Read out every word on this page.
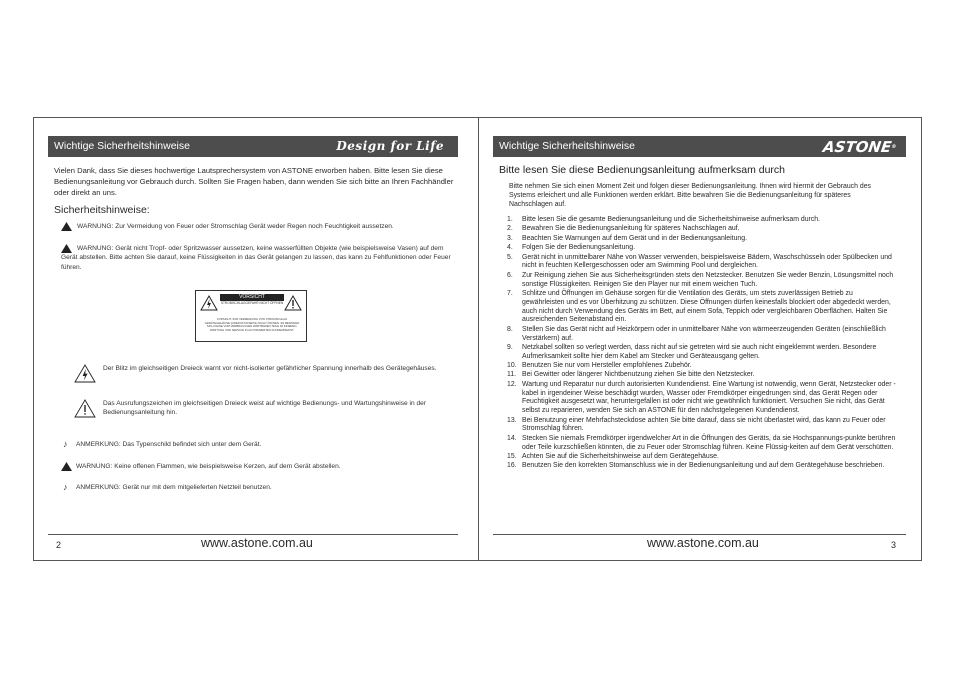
Wichtige Sicherheitshinweise	Design for Life
Vielen Dank, dass Sie dieses hochwertige Lautsprechersystem von ASTONE erworben haben. Bitte lesen Sie diese Bedienungsanleitung vor Gebrauch durch. Sollten Sie Fragen haben, dann wenden Sie sich bitte an Ihren Fachhändler oder direkt an uns.
Sicherheitshinweise:
WARNUNG: Zur Vermeidung von Feuer oder Stromschlag Gerät weder Regen noch Feuchtigkeit aussetzen.
WARNUNG: Gerät nicht Tropf- oder Spritzwasser aussetzen, keine wasserfüllten Objekte (wie beispielsweise Vasen) auf dem Gerät abstellen. Bitte achten Sie darauf, keine Flüssigkeiten in das Gerät gelangen zu lassen, das kann zu Fehlfunktionen oder Feuer führen.
VORSICHT
STROMSCHLAGGEFAHR NICHT ÖFFNEN
VORSICHT: ZUR VERMEIDUNG VON STROMSCHLAG GERÄTEGEHÄUSE (ODER RÜCKSEITE) NICHT ÖFFNEN. ES BEFINDEN SICH KEINE VOM VERBRAUCHER WARTBAREN TEILE IM INNEREN. WARTUNG UND SERVICE IN AUTORISIERTEN KUNDENDIENST.
Der Blitz im gleichseitigen Dreieck warnt vor nicht-isolierter gefährlicher Spannung innerhalb des Gerätegehäuses.
Das Ausrufungszeichen im gleichseitigen Dreieck weist auf wichtige Bedienungs- und Wartungshinweise in der Bedienungsanleitung hin.
♪	ANMERKUNG: Das Typenschild befindet sich unter dem Gerät.
WARNUNG: Keine offenen Flammen, wie beispielsweise Kerzen, auf dem Gerät abstellen.
♪	ANMERKUNG: Gerät nur mit dem mitgelieferten Netzteil benutzen.
2	www.astone.com.au
Wichtige Sicherheitshinweise	ASTONE®
Bitte lesen Sie diese Bedienungsanleitung aufmerksam durch
Bitte nehmen Sie sich einen Moment Zeit und folgen dieser Bedienungsanleitung. Ihnen wird hiermit der Gebrauch des Systems erleichert und alle Funktionen werden erklärt. Bitte bewahren Sie die Bedienungsanleitung für späteres Nachschlagen auf.
1. Bitte lesen Sie die gesamte Bedienungsanleitung und die Sicherheitshinweise aufmerksam durch.
2. Bewahren Sie die Bedienungsanleitung für späteres Nachschlagen auf.
3. Beachten Sie Warnungen auf dem Gerät und in der Bedienungsanleitung.
4. Folgen Sie der Bedienungsanleitung.
5. Gerät nicht in unmittelbarer Nähe von Wasser verwenden, beispielsweise Bädern, Waschschüsseln oder Spülbecken und nicht in feuchten Kellergeschossen oder am Swimming Pool und dergleichen.
6. Zur Reinigung ziehen Sie aus Sicherheitsgründen stets den Netzstecker. Benutzen Sie weder Benzin, Lösungsmittel noch sonstige Flüssigkeiten. Reinigen Sie den Player nur mit einem weichen Tuch.
7. Schlitze und Öffnungen im Gehäuse sorgen für die Ventilation des Geräts, um stets zuverlässigen Betrieb zu gewährleisten und es vor Überhitzung zu schützen. Diese Öffnungen dürfen keinesfalls blockiert oder abgedeckt werden, auch nicht durch Verwendung des Geräts im Bett, auf einem Sofa, Teppich oder vergleichbaren Oberflächen. Halten Sie ausreichenden Seitenabstand ein.
8. Stellen Sie das Gerät nicht auf Heizkörpern oder in unmittelbarer Nähe von wärmeerzeugenden Geräten (einschließlich Verstärkern) auf.
9. Netzkabel sollten so verlegt werden, dass nicht auf sie getreten wird sie auch nicht eingeklemmt werden. Besondere Aufmerksamkeit sollte hier dem Kabel am Stecker und Geräteausgang gelten.
10. Benutzen Sie nur vom Hersteller empfohlenes Zubehör.
11. Bei Gewitter oder längerer Nichtbenutzung ziehen Sie bitte den Netzstecker.
12. Wartung und Reparatur nur durch autorisierten Kundendienst. Eine Wartung ist notwendig, wenn Gerät, Netzstecker oder -kabel in irgendeiner Weise beschädigt wurden, Wasser oder Fremdkörper eingedrungen sind, das Gerät Regen oder Feuchtigkeit ausgesetzt war, heruntergefallen ist oder nicht wie gewöhnlich funktioniert. Versuchen Sie nicht, das Gerät selbst zu reparieren, wenden Sie sich an ASTONE für den nächstgelegenen Kundendienst.
13. Bei Benutzung einer Mehrfachsteckdose achten Sie bitte darauf, dass sie nicht überlastet wird, das kann zu Feuer oder Stromschlag führen.
14. Stecken Sie niemals Fremdkörper irgendwelcher Art in die Öffnungen des Geräts, da sie Hochspannungs-punkte berühren oder Teile kurzschließen könnten, die zu Feuer oder Stromschlag führen. Keine Flüssig-keiten auf dem Gerät verschütten.
15. Achten Sie auf die Sicherheitshinweise auf dem Gerätegehäuse.
16. Benutzen Sie den korrekten Stomanschluss wie in der Bedienungsanleitung und auf dem Gerätegehäuse beschrieben.
www.astone.com.au	3
